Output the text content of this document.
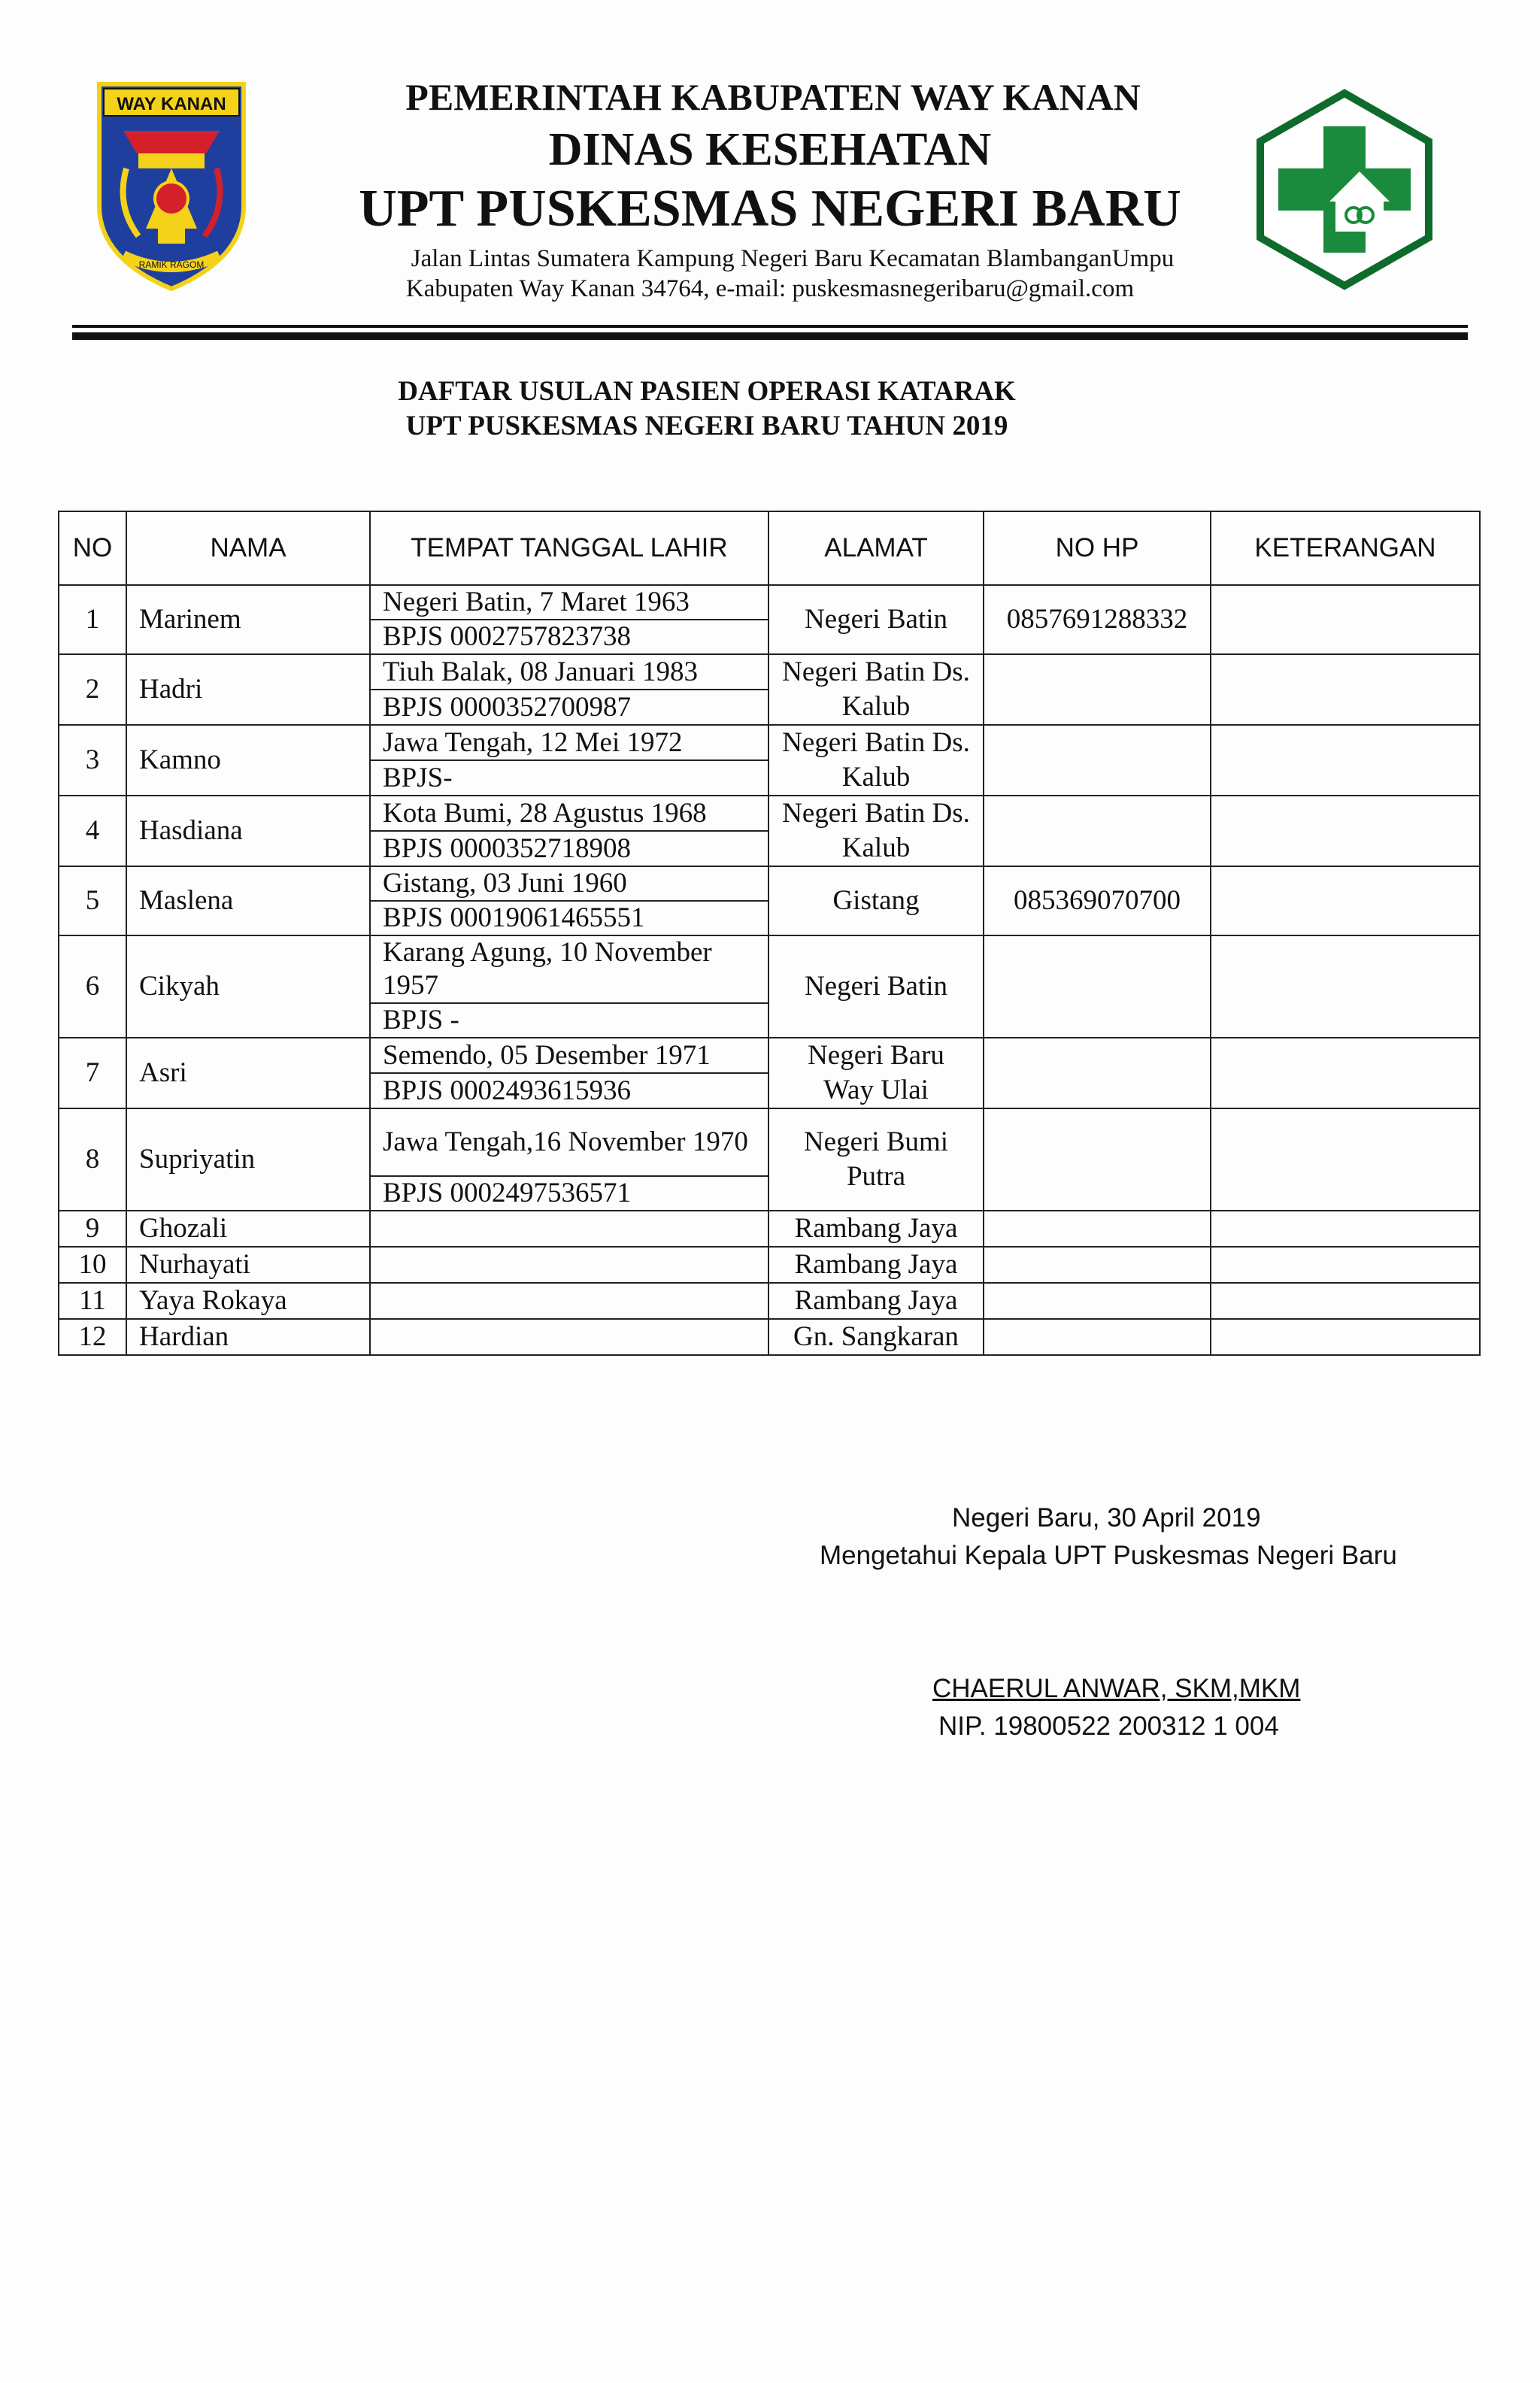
WAY KANAN
RAMIK RAGOM
PEMERINTAH KABUPATEN WAY KANAN
DINAS KESEHATAN
UPT PUSKESMAS NEGERI BARU
Jalan Lintas Sumatera Kampung Negeri Baru Kecamatan BlambanganUmpu
Kabupaten Way Kanan 34764, e-mail: puskesmasnegeribaru@gmail.com
DAFTAR USULAN PASIEN OPERASI KATARAK
UPT PUSKESMAS NEGERI BARU TAHUN 2019
NO	NAMA	TEMPAT TANGGAL LAHIR	ALAMAT	NO HP	KETERANGAN
1	Marinem	Negeri Batin, 7 Maret 1963	Negeri Batin	0857691288332	
		BPJS 0002757823738			
2	Hadri	Tiuh Balak, 08 Januari 1983	Negeri Batin Ds. Kalub		
		BPJS 0000352700987			
3	Kamno	Jawa Tengah, 12 Mei 1972	Negeri Batin Ds. Kalub		
		BPJS-			
4	Hasdiana	Kota Bumi, 28 Agustus 1968	Negeri Batin Ds. Kalub		
		BPJS 0000352718908			
5	Maslena	Gistang, 03 Juni 1960	Gistang	085369070700	
		BPJS 00019061465551			
6	Cikyah	Karang Agung, 10 November 1957	Negeri Batin		
		BPJS -			
7	Asri	Semendo, 05 Desember 1971	Negeri Baru Way Ulai		
		BPJS 0002493615936			
8	Supriyatin	Jawa Tengah,16 November 1970	Negeri Bumi Putra		
		BPJS 0002497536571			
9	Ghozali		Rambang Jaya		
10	Nurhayati		Rambang Jaya		
11	Yaya Rokaya		Rambang Jaya		
12	Hardian		Gn. Sangkaran		
Negeri Baru, 30 April 2019
Mengetahui Kepala UPT Puskesmas Negeri Baru
CHAERUL ANWAR, SKM,MKM
NIP. 19800522 200312 1 004
